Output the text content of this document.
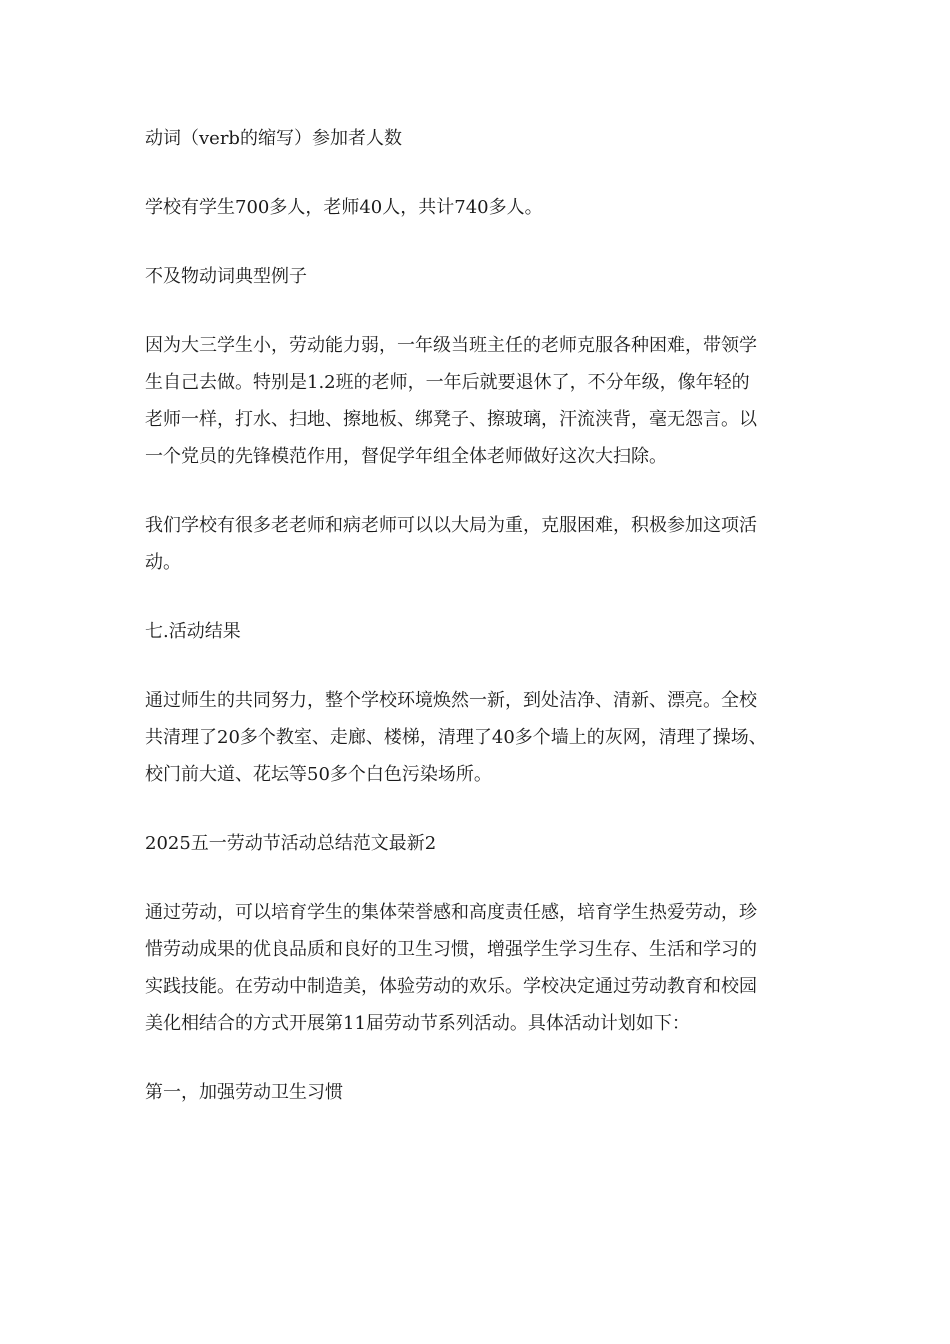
动词（verb的缩写）参加者人数

学校有学生700多人，老师40人，共计740多人。

不及物动词典型例子

因为大三学生小，劳动能力弱，一年级当班主任的老师克服各种困难，带领学

生自己去做。特别是1.2班的老师，一年后就要退休了，不分年级，像年轻的

老师一样，打水、扫地、擦地板、绑凳子、擦玻璃，汗流浃背，毫无怨言。以

一个党员的先锋模范作用，督促学年组全体老师做好这次大扫除。

我们学校有很多老老师和病老师可以以大局为重，克服困难，积极参加这项活

动。

七.活动结果

通过师生的共同努力，整个学校环境焕然一新，到处洁净、清新、漂亮。全校

共清理了20多个教室、走廊、楼梯，清理了40多个墙上的灰网，清理了操场、

校门前大道、花坛等50多个白色污染场所。

2025五一劳动节活动总结范文最新2

通过劳动，可以培育学生的集体荣誉感和高度责任感，培育学生热爱劳动，珍

惜劳动成果的优良品质和良好的卫生习惯，增强学生学习生存、生活和学习的

实践技能。在劳动中制造美，体验劳动的欢乐。学校决定通过劳动教育和校园

美化相结合的方式开展第11届劳动节系列活动。具体活动计划如下：

第一，加强劳动卫生习惯
